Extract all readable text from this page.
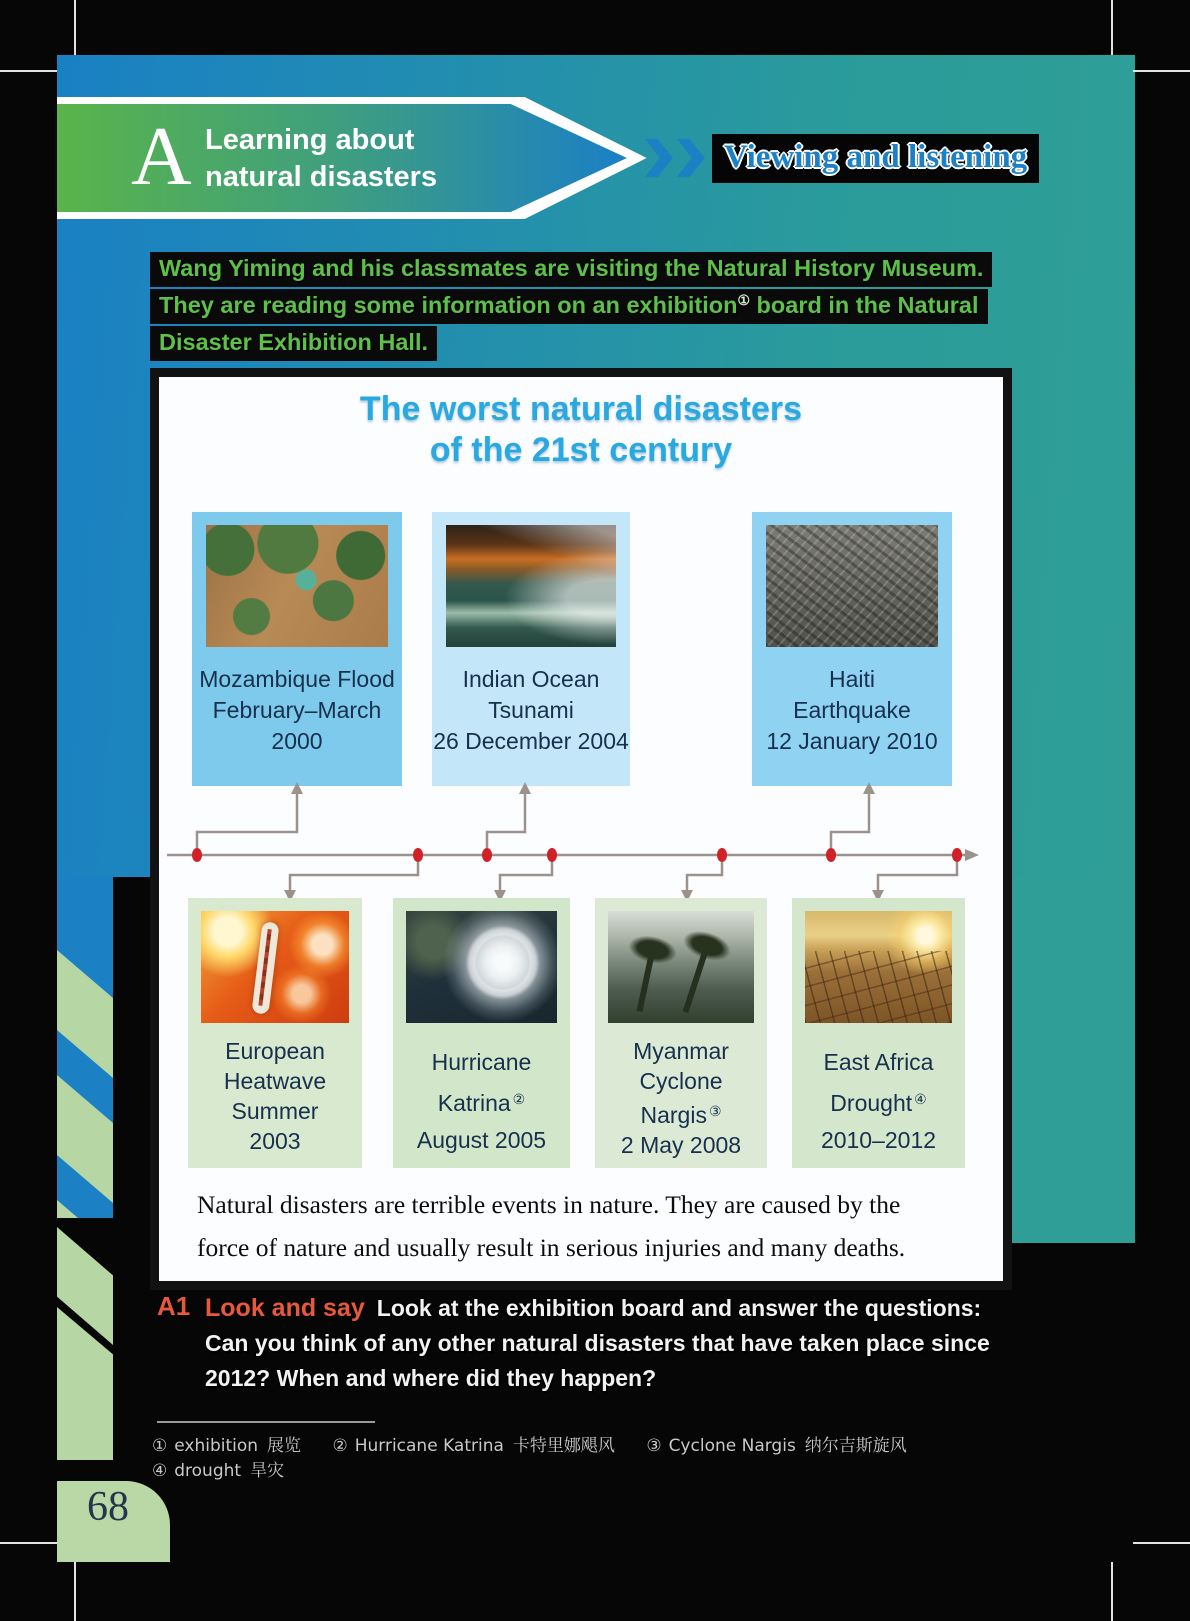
A Learning about
natural disasters
Viewing and listening
Wang Yiming and his classmates are visiting the Natural History Museum.
They are reading some information on an exhibition① board in the Natural
Disaster Exhibition Hall.
The worst natural disasters
of the 21st century
Mozambique Flood
February–March
2000
Indian Ocean
Tsunami
26 December 2004
Haiti
Earthquake
12 January 2010
European
Heatwave
Summer
2003
Hurricane
Katrina ②
August 2005
Myanmar
Cyclone
Nargis ③
2 May 2008
East Africa
Drought ④
2010–2012
Natural disasters are terrible events in nature. They are caused by the
force of nature and usually result in serious injuries and many deaths.
A1 Look and say Look at the exhibition board and answer the questions: Can you think of any other natural disasters that have taken place since 2012? When and where did they happen?
① exhibition 展览 ② Hurricane Katrina 卡特里娜飓风 ③ Cyclone Nargis 纳尔吉斯旋风 ④ drought 旱灾
68
